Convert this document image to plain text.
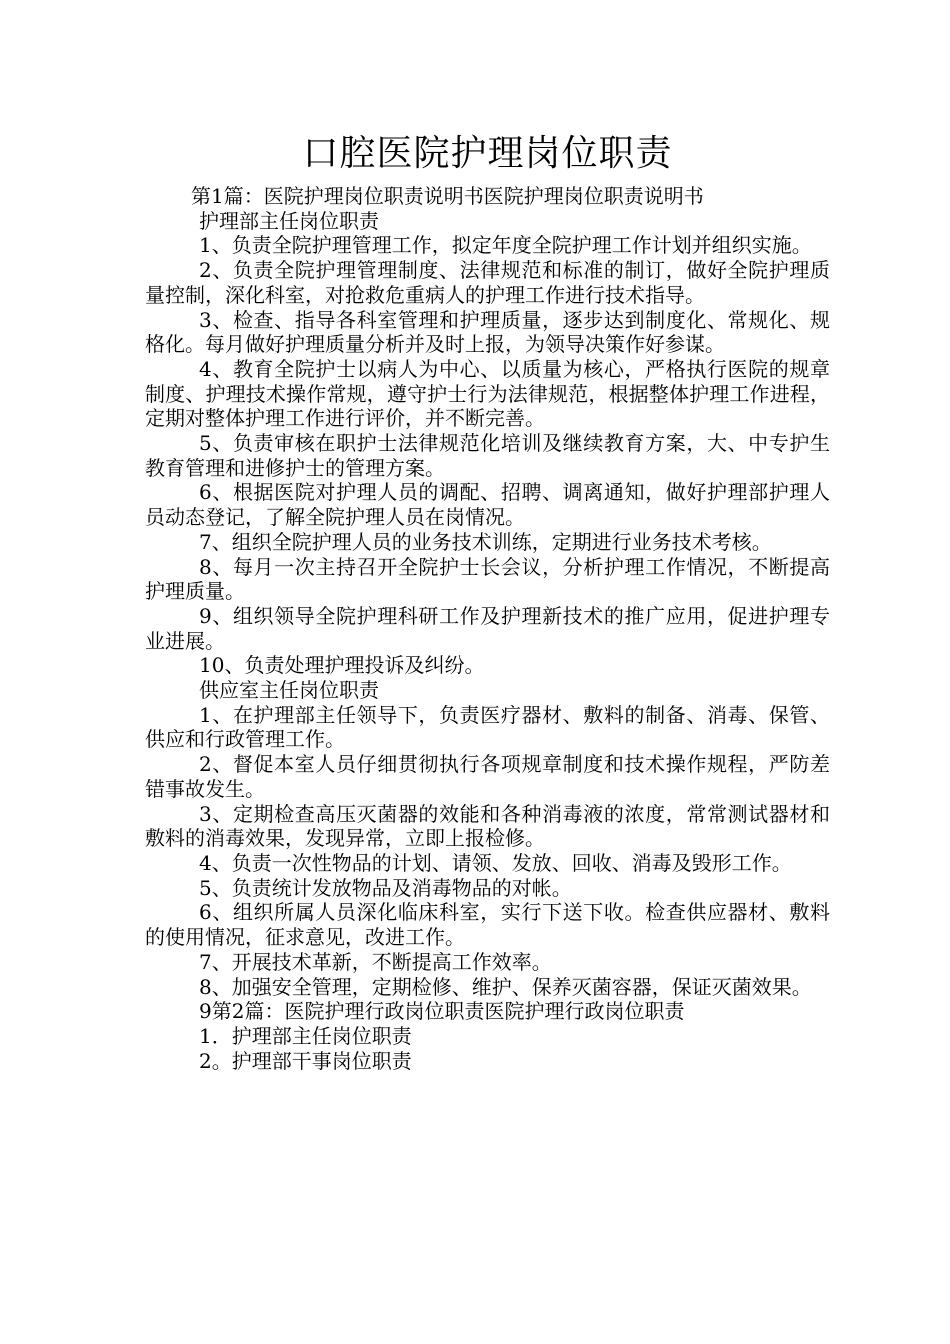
口腔医院护理岗位职责

第1篇：医院护理岗位职责说明书医院护理岗位职责说明书

护理部主任岗位职责

1、负责全院护理管理工作，拟定年度全院护理工作计划并组织实施。

2、负责全院护理管理制度、法律规范和标准的制订，做好全院护理质量控制，深化科室，对抢救危重病人的护理工作进行技术指导。

3、检查、指导各科室管理和护理质量，逐步达到制度化、常规化、规格化。每月做好护理质量分析并及时上报，为领导决策作好参谋。

4、教育全院护士以病人为中心、以质量为核心，严格执行医院的规章制度、护理技术操作常规，遵守护士行为法律规范，根据整体护理工作进程，定期对整体护理工作进行评价，并不断完善。

5、负责审核在职护士法律规范化培训及继续教育方案，大、中专护生教育管理和进修护士的管理方案。

6、根据医院对护理人员的调配、招聘、调离通知，做好护理部护理人员动态登记，了解全院护理人员在岗情况。

7、组织全院护理人员的业务技术训练，定期进行业务技术考核。

8、每月一次主持召开全院护士长会议，分析护理工作情况，不断提高护理质量。

9、组织领导全院护理科研工作及护理新技术的推广应用，促进护理专业进展。

10、负责处理护理投诉及纠纷。

供应室主任岗位职责

1、在护理部主任领导下，负责医疗器材、敷料的制备、消毒、保管、供应和行政管理工作。

2、督促本室人员仔细贯彻执行各项规章制度和技术操作规程，严防差错事故发生。

3、定期检查高压灭菌器的效能和各种消毒液的浓度，常常测试器材和敷料的消毒效果，发现异常，立即上报检修。

4、负责一次性物品的计划、请领、发放、回收、消毒及毁形工作。

5、负责统计发放物品及消毒物品的对帐。

6、组织所属人员深化临床科室，实行下送下收。检查供应器材、敷料的使用情况，征求意见，改进工作。

7、开展技术革新，不断提高工作效率。

8、加强安全管理，定期检修、维护、保养灭菌容器，保证灭菌效果。

9第2篇：医院护理行政岗位职责医院护理行政岗位职责

1．护理部主任岗位职责

2。护理部干事岗位职责
